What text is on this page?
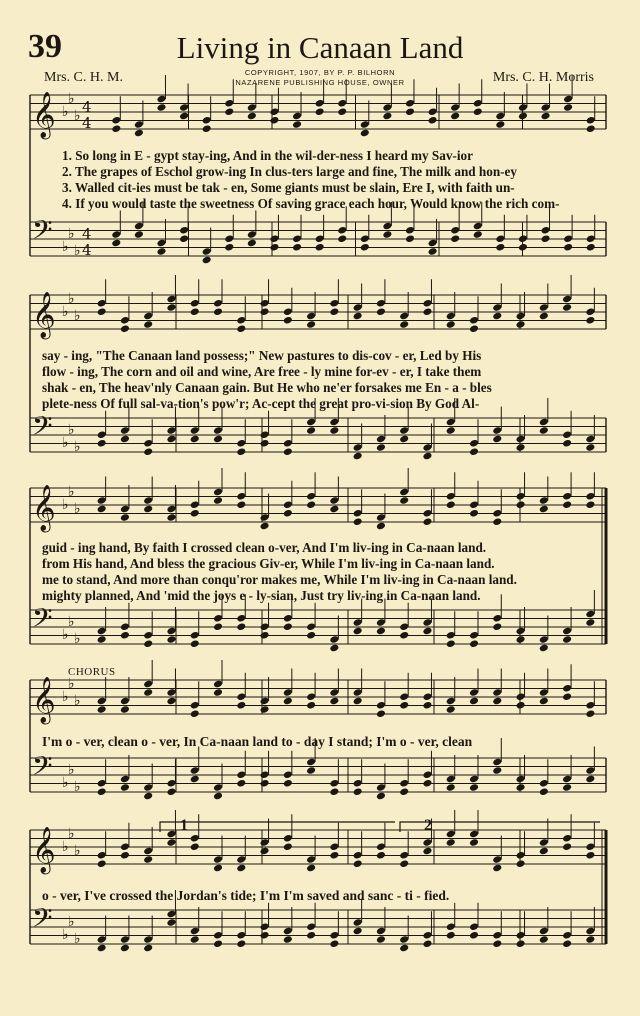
39	Living in Canaan Land
Mrs. C. H. M.	COPYRIGHT, 1907, BY P. P. BILHORN
NAZARENE PUBLISHING HOUSE, OWNER	Mrs. C. H. Morris
𝄞
𝄢
♭
♭
♭
♭
♭
♭
4
4
4
4
𝄞
𝄢
♭
♭
♭
♭
♭
♭
𝄞
𝄢
♭
♭
♭
♭
♭
♭
𝄞
𝄢
♭
♭
♭
♭
♭
♭
𝄞
𝄢
♭
♭
♭
♭
♭
♭
1	2
1. So long in E - gypt stay-ing, And in the wil-der-ness I heard my Sav-ior
2. The grapes of Eschol grow-ing In clus-ters large and fine, The milk and hon-ey
3. Walled cit-ies must be tak - en, Some giants must be slain, Ere I, with faith un-
4. If you would taste the sweetness Of saving grace each hour, Would know the rich com-
say - ing, "The Canaan land possess;" New pastures to dis-cov - er, Led by His
flow - ing, The corn and oil and wine, Are free - ly mine for-ev - er, I take them
shak - en, The heav'nly Canaan gain. But He who ne'er forsakes me En - a - bles
plete-ness Of full sal-va-tion's pow'r; Ac-cept the great pro-vi-sion By God Al-
guid - ing hand, By faith I crossed clean o-ver, And I'm liv-ing in Ca-naan land.
from His hand, And bless the gracious Giv-er, While I'm liv-ing in Ca-naan land.
me to stand, And more than conqu'ror makes me, While I'm liv-ing in Ca-naan land.
mighty planned, And 'mid the joys e - ly-sian, Just try liv-ing in Ca-naan land.
CHORUS
I'm o - ver, clean o - ver, In Ca-naan land to - day I stand; I'm o - ver, clean
o - ver, I've crossed the Jordan's tide; I'm I'm saved and sanc - ti - fied.
